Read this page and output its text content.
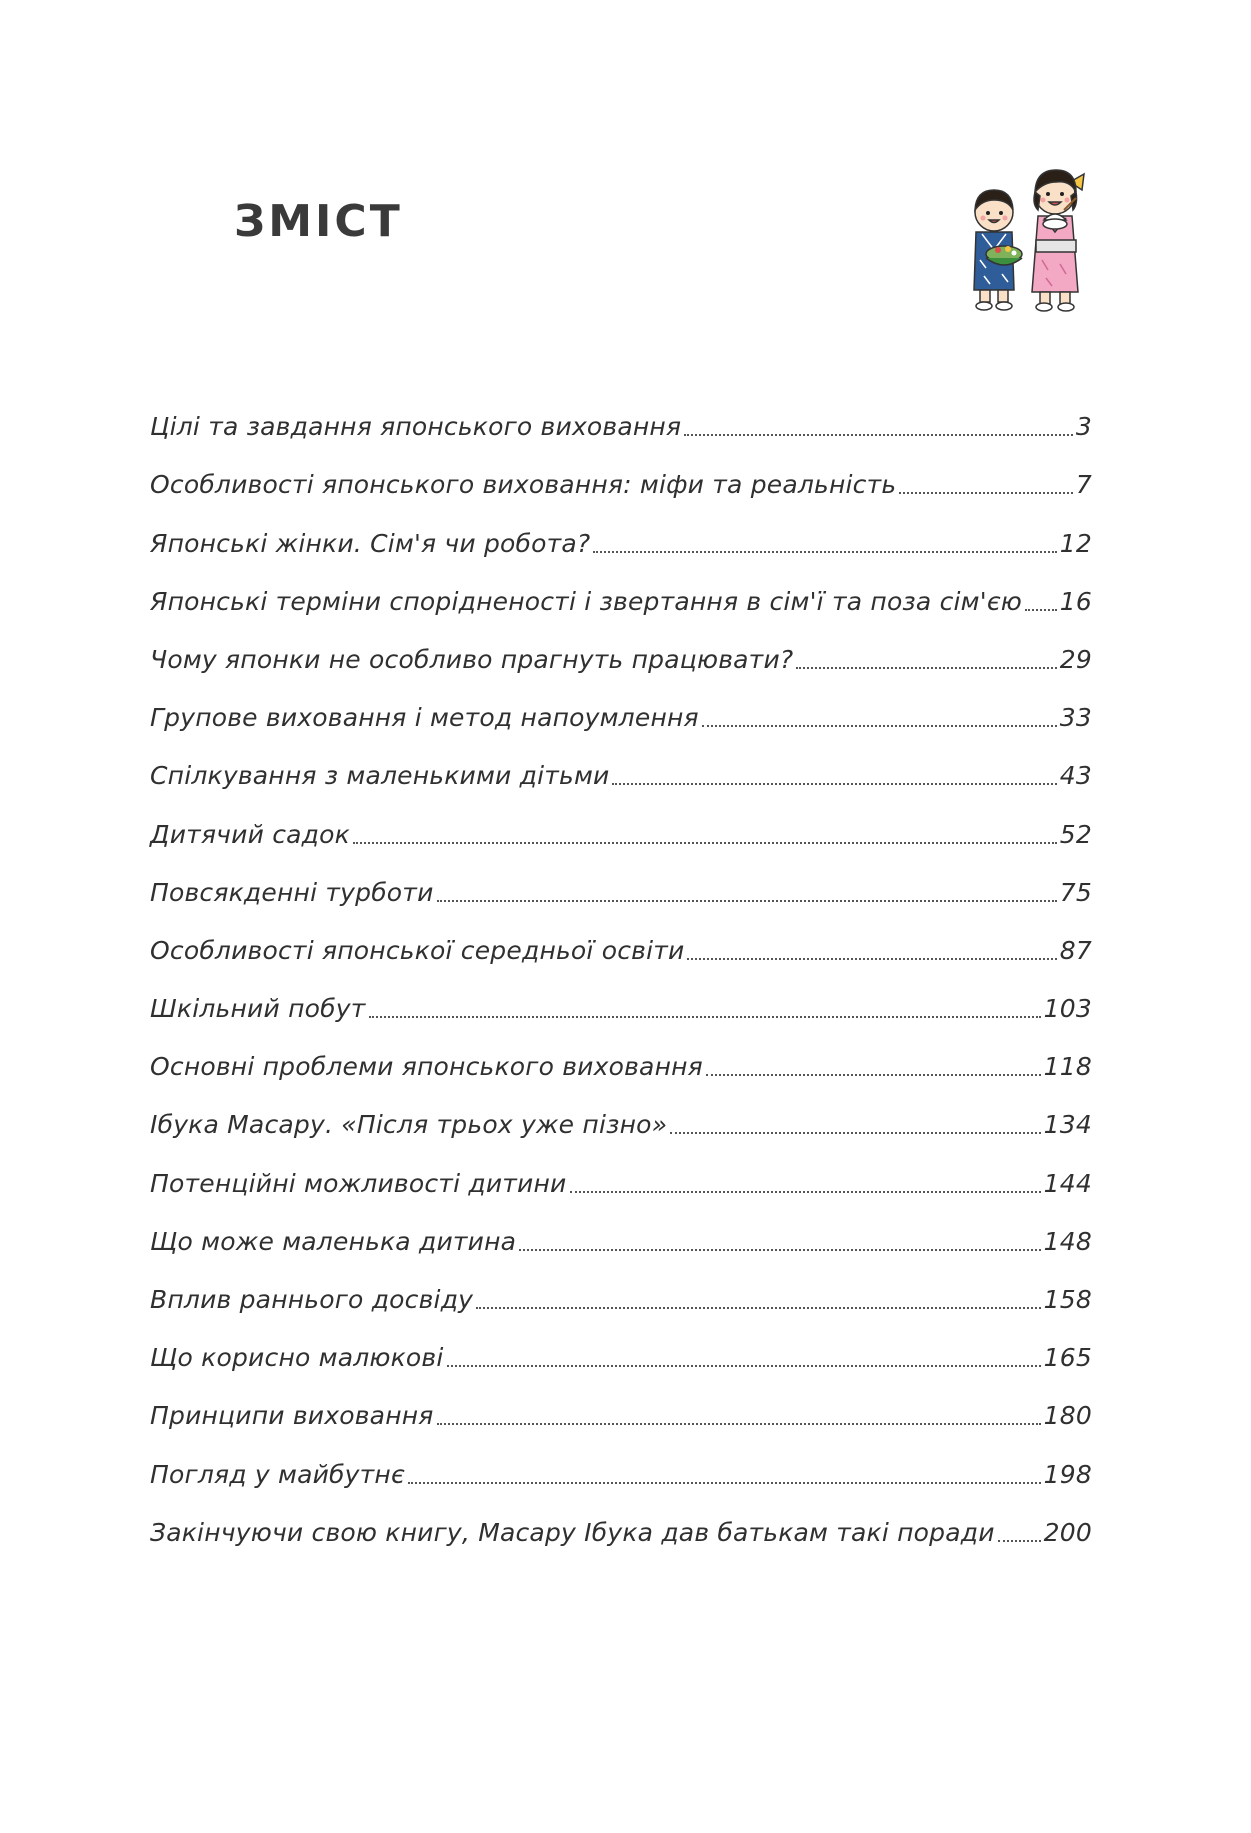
ЗМІСТ
Цілі та завдання японського виховання	3
Особливості японського виховання: міфи та реальність	7
Японські жінки. Сім'я чи робота?	12
Японські терміни спорідненості і звертання в сім'ї та поза сім'єю 16
Чому японки не особливо прагнуть працювати?	29
Групове виховання і метод напоумлення	33
Спілкування з маленькими дітьми	43
Дитячий садок	52
Повсякденні турботи	75
Особливості японської середньої освіти	87
Шкільний побут	103
Основні проблеми японського виховання	118
Ібука Масару. «Після трьох уже пізно»	134
Потенційні можливості дитини	144
Що може маленька дитина	148
Вплив раннього досвіду	158
Що корисно малюкові	165
Принципи виховання	180
Погляд у майбутнє	198
Закінчуючи свою книгу, Масару Ібука дав батькам такі поради 200
